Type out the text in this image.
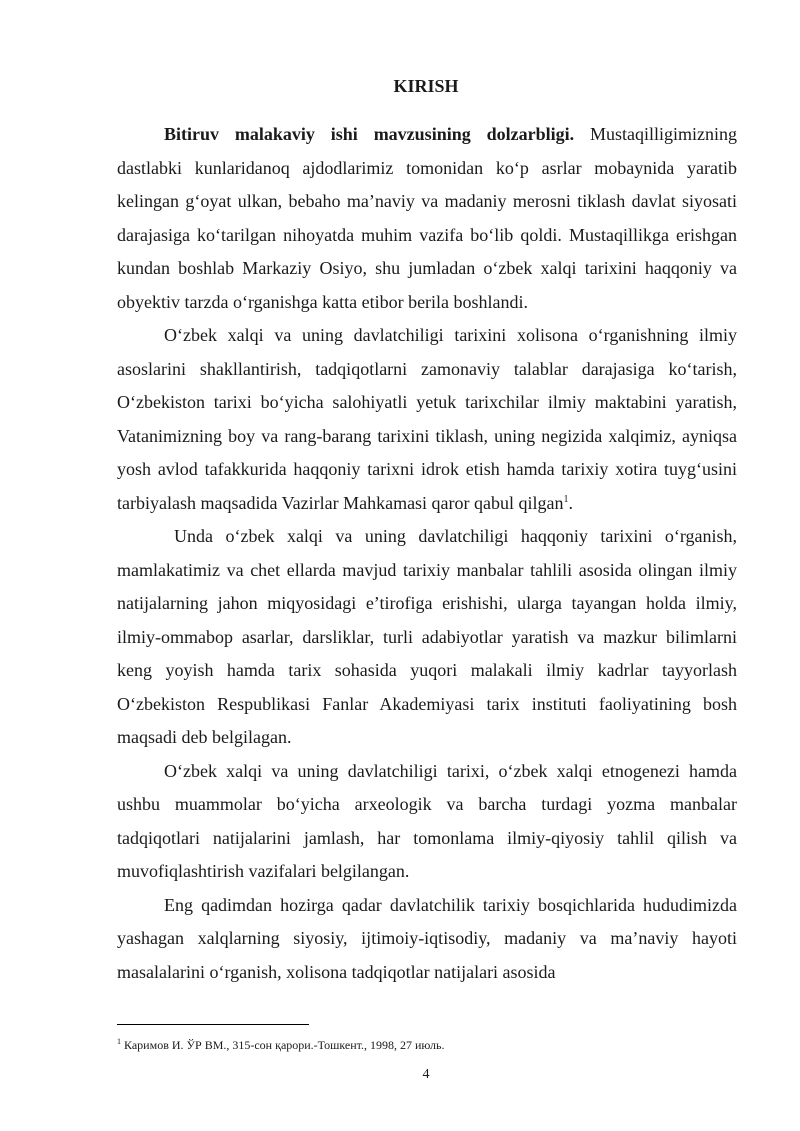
KIRISH

Bitiruv malakaviy ishi mavzusining dolzarbligi. Mustaqilligimizning dastlabki kunlaridanoq ajdodlarimiz tomonidan ko‘p asrlar mobaynida yaratib kelingan g‘oyat ulkan, bebaho ma’naviy va madaniy merosni tiklash davlat siyosati darajasiga ko‘tarilgan nihoyatda muhim vazifa bo‘lib qoldi. Mustaqillikga erishgan kundan boshlab Markaziy Osiyo, shu jumladan o‘zbek xalqi tarixini haqqoniy va obyektiv tarzda o‘rganishga katta etibor berila boshlandi.

O‘zbek xalqi va uning davlatchiligi tarixini xolisona o‘rganishning ilmiy asoslarini shakllantirish, tadqiqotlarni zamonaviy talablar darajasiga ko‘tarish, O‘zbekiston tarixi bo‘yicha salohiyatli yetuk tarixchilar ilmiy maktabini yaratish, Vatanimizning boy va rang-barang tarixini tiklash, uning negizida xalqimiz, ayniqsa yosh avlod tafakkurida haqqoniy tarixni idrok etish hamda tarixiy xotira tuyg‘usini tarbiyalash maqsadida Vazirlar Mahkamasi qaror qabul qilgan$^1$.

Unda o‘zbek xalqi va uning davlatchiligi haqqoniy tarixini o‘rganish, mamlakatimiz va chet ellarda mavjud tarixiy manbalar tahlili asosida olingan ilmiy natijalarning jahon miqyosidagi e’tirofiga erishishi, ularga tayangan holda ilmiy, ilmiy-ommabop asarlar, darsliklar, turli adabiyotlar yaratish va mazkur bilimlarni keng yoyish hamda tarix sohasida yuqori malakali ilmiy kadrlar tayyorlash O‘zbekiston Respublikasi Fanlar Akademiyasi tarix instituti faoliyatining bosh maqsadi deb belgilagan.

O‘zbek xalqi va uning davlatchiligi tarixi, o‘zbek xalqi etnogenezi hamda ushbu muammolar bo‘yicha arxeologik va barcha turdagi yozma manbalar tadqiqotlari natijalarini jamlash, har tomonlama ilmiy-qiyosiy tahlil qilish va muvofiqlashtirish vazifalari belgilangan.

Eng qadimdan hozirga qadar davlatchilik tarixiy bosqichlarida hududimizda yashagan xalqlarning siyosiy, ijtimoiy-iqtisodiy, madaniy va ma’naviy hayoti masalalarini o‘rganish, xolisona tadqiqotlar natijalari asosida

$^1$ Каримов И. ЎР ВМ., 315-сон қарори.-Тошкент., 1998, 27 июль.
4
